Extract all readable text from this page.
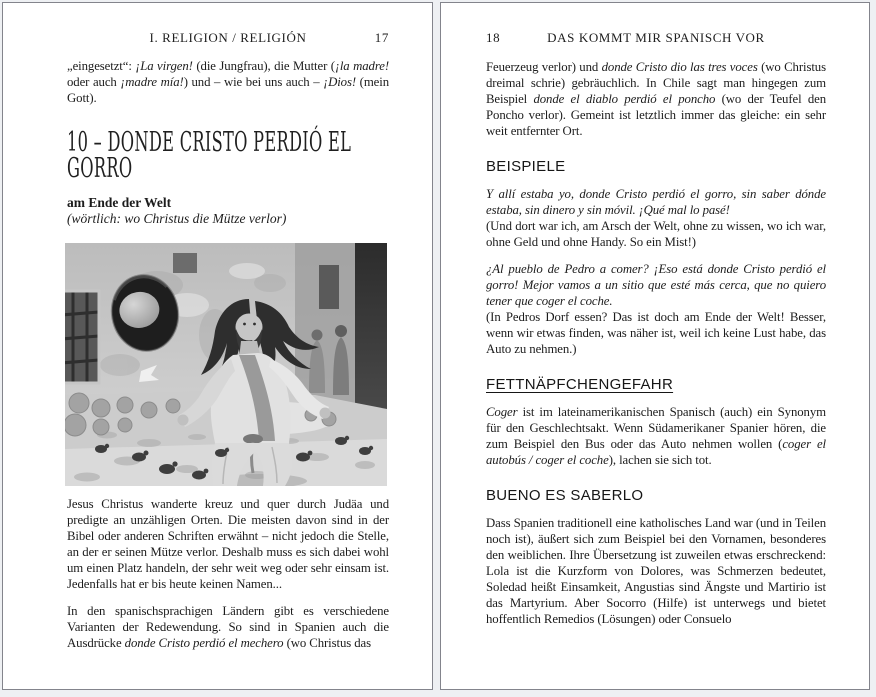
I. RELIGION / RELIGIÓN	17

„eingesetzt“: ¡La virgen! (die Jungfrau), die Mutter (¡la madre! oder auch ¡madre mía!) und – wie bei uns auch – ¡Dios! (mein Gott).

10 – DONDE CRISTO PERDIÓ EL GORRO
am Ende der Welt
(wörtlich: wo Christus die Mütze verlor)

Jesus Christus wanderte kreuz und quer durch Judäa und predigte an unzähligen Orten. Die meisten davon sind in der Bibel oder anderen Schriften erwähnt – nicht jedoch die Stelle, an der er seinen Mütze verlor. Deshalb muss es sich dabei wohl um einen Platz handeln, der sehr weit weg oder sehr einsam ist. Jedenfalls hat er bis heute keinen Namen...

In den spanischsprachigen Ländern gibt es verschiedene Varianten der Redewendung. So sind in Spanien auch die Ausdrücke donde Cristo perdió el mechero (wo Christus das

18	DAS KOMMT MIR SPANISCH VOR

Feuerzeug verlor) und donde Cristo dio las tres voces (wo Christus dreimal schrie) gebräuchlich. In Chile sagt man hingegen zum Beispiel donde el diablo perdió el poncho (wo der Teufel den Poncho verlor). Gemeint ist letztlich immer das gleiche: ein sehr weit entfernter Ort.

BEISPIELE

Y allí estaba yo, donde Cristo perdió el gorro, sin saber dónde estaba, sin dinero y sin móvil. ¡Qué mal lo pasé!

(Und dort war ich, am Arsch der Welt, ohne zu wissen, wo ich war, ohne Geld und ohne Handy. So ein Mist!)

¿Al pueblo de Pedro a comer? ¡Eso está donde Cristo perdió el gorro! Mejor vamos a un sitio que esté más cerca, que no quiero tener que coger el coche.

(In Pedros Dorf essen? Das ist doch am Ende der Welt! Besser, wenn wir etwas finden, was näher ist, weil ich keine Lust habe, das Auto zu nehmen.)

FETTNÄPFCHENGEFAHR

Coger ist im lateinamerikanischen Spanisch (auch) ein Synonym für den Geschlechtsakt. Wenn Südamerikaner Spanier hören, die zum Beispiel den Bus oder das Auto nehmen wollen (coger el autobús / coger el coche), lachen sie sich tot.

BUENO ES SABERLO

Dass Spanien traditionell eine katholisches Land war (und in Teilen noch ist), äußert sich zum Beispiel bei den Vornamen, besonderes den weiblichen. Ihre Übersetzung ist zuweilen etwas erschreckend: Lola ist die Kurzform von Dolores, was Schmerzen bedeutet, Soledad heißt Einsamkeit, Angustias sind Ängste und Martirio ist das Martyrium. Aber Socorro (Hilfe) ist unterwegs und bietet hoffentlich Remedios (Lösungen) oder Consuelo
